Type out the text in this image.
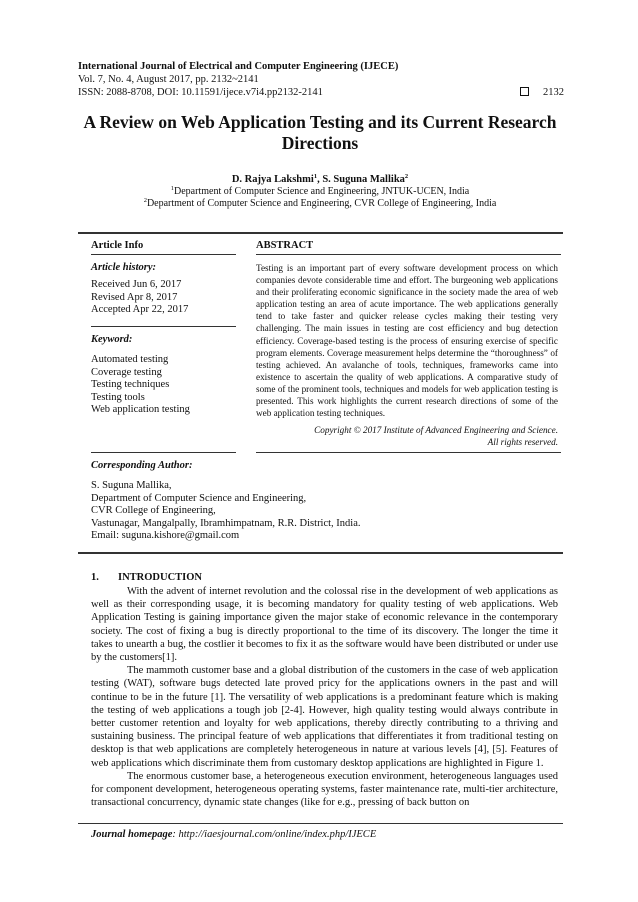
International Journal of Electrical and Computer Engineering (IJECE)
Vol. 7, No. 4, August 2017, pp. 2132~2141
ISSN: 2088-8708, DOI: 10.11591/ijece.v7i4.pp2132-2141	2132
A Review on Web Application Testing and its Current Research
Directions
D. Rajya Lakshmi$^1$, S. Suguna Mallika$^2$
$^1$Department of Computer Science and Engineering, JNTUK-UCEN, India
$^2$Department of Computer Science and Engineering, CVR College of Engineering, India
Article Info	ABSTRACT
Article history:
Received Jun 6, 2017
Revised Apr 8, 2017
Accepted Apr 22, 2017
Keyword:
Automated testing
Coverage testing
Testing techniques
Testing tools
Web application testing
Testing is an important part of every software development process on which companies devote considerable time and effort. The burgeoning web applications and their proliferating economic significance in the society made the area of web application testing an area of acute importance. The web applications generally tend to take faster and quicker release cycles making their testing very challenging. The main issues in testing are cost efficiency and bug detection efficiency. Coverage-based testing is the process of ensuring exercise of specific program elements. Coverage measurement helps determine the “thoroughness” of testing achieved. An avalanche of tools, techniques, frameworks came into existence to ascertain the quality of web applications. A comparative study of some of the prominent tools, techniques and models for web application testing is presented. This work highlights the current research directions of some of the web application testing techniques.
Copyright © 2017 Institute of Advanced Engineering and Science.
All rights reserved.
Corresponding Author:
S. Suguna Mallika,
Department of Computer Science and Engineering,
CVR College of Engineering,
Vastunagar, Mangalpally, Ibramhimpatnam, R.R. District, India.
Email: suguna.kishore@gmail.com
1. INTRODUCTION

With the advent of internet revolution and the colossal rise in the development of web applications as well as their corresponding usage, it is becoming mandatory for quality testing of web applications. Web Application Testing is gaining importance given the major stake of economic relevance in the contemporary society. The cost of fixing a bug is directly proportional to the time of its discovery. The longer the time it takes to unearth a bug, the costlier it becomes to fix it as the software would have been distributed or under use by the customers[1].

The mammoth customer base and a global distribution of the customers in the case of web application testing (WAT), software bugs detected late proved pricy for the applications owners in the past and will continue to be in the future [1]. The versatility of web applications is a predominant feature which is making the testing of web applications a tough job [2-4]. However, high quality testing would always contribute in better customer retention and loyalty for web applications, thereby directly contributing to a thriving and sustaining business. The principal feature of web applications that differentiates it from traditional testing on desktop is that web applications are completely heterogeneous in nature at various levels [4], [5]. Features of web applications which discriminate them from customary desktop applications are highlighted in Figure 1.

The enormous customer base, a heterogeneous execution environment, heterogeneous languages used for component development, heterogeneous operating systems, faster maintenance rate, multi-tier architecture, transactional concurrency, dynamic state changes (like for e.g., pressing of back button on

Journal homepage: http://iaesjournal.com/online/index.php/IJECE
